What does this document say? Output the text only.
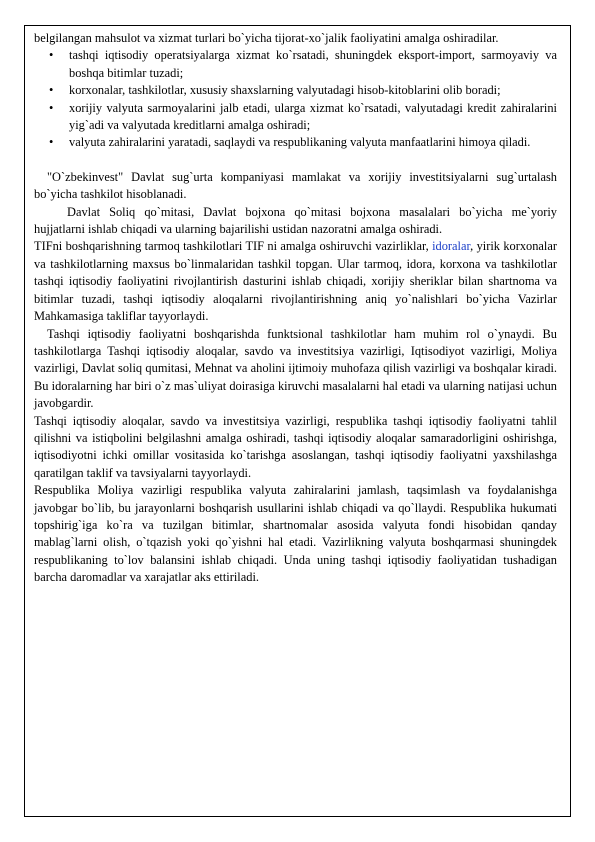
belgilangan mahsulot va xizmat turlari bo`yicha tijorat-xo`jalik faoliyatini amalga oshiradilar.

• tashqi iqtisodiy operatsiyalarga xizmat ko`rsatadi, shuningdek eksport-import, sarmoyaviy va boshqa bitimlar tuzadi;
• korxonalar, tashkilotlar, xususiy shaxslarning valyutadagi hisob-kitoblarini olib boradi;
• xorijiy valyuta sarmoyalarini jalb etadi, ularga xizmat ko`rsatadi, valyutadagi kredit zahiralarini yig`adi va valyutada kreditlarni amalga oshiradi;
• valyuta zahiralarini yaratadi, saqlaydi va respublikaning valyuta manfaatlarini himoya qiladi.

"O`zbekinvest" Davlat sug`urta kompaniyasi mamlakat va xorijiy investitsiyalarni sug`urtalash bo`yicha tashkilot hisoblanadi.

Davlat Soliq qo`mitasi, Davlat bojxona qo`mitasi bojxona masalalari bo`yicha me`yoriy hujjatlarni ishlab chiqadi va ularning bajarilishi ustidan nazoratni amalga oshiradi.

TIFni boshqarishning tarmoq tashkilotlari TIF ni amalga oshiruvchi vazirliklar, idoralar, yirik korxonalar va tashkilotlarning maxsus bo`linmalaridan tashkil topgan. Ular tarmoq, idora, korxona va tashkilotlar tashqi iqtisodiy faoliyatini rivojlantirish dasturini ishlab chiqadi, xorijiy sheriklar bilan shartnoma va bitimlar tuzadi, tashqi iqtisodiy aloqalarni rivojlantirishning aniq yo`nalishlari bo`yicha Vazirlar Mahkamasiga takliflar tayyorlaydi.

Tashqi iqtisodiy faoliyatni boshqarishda funktsional tashkilotlar ham muhim rol o`ynaydi. Bu tashkilotlarga Tashqi iqtisodiy aloqalar, savdo va investitsiya vazirligi, Iqtisodiyot vazirligi, Moliya vazirligi, Davlat soliq qumitasi, Mehnat va aholini ijtimoiy muhofaza qilish vazirligi va boshqalar kiradi. Bu idoralarning har biri o`z mas`uliyat doirasiga kiruvchi masalalarni hal etadi va ularning natijasi uchun javobgardir.

Tashqi iqtisodiy aloqalar, savdo va investitsiya vazirligi, respublika tashqi iqtisodiy faoliyatni tahlil qilishni va istiqbolini belgilashni amalga oshiradi, tashqi iqtisodiy aloqalar samaradorligini oshirishga, iqtisodiyotni ichki omillar vositasida ko`tarishga asoslangan, tashqi iqtisodiy faoliyatni yaxshilashga qaratilgan taklif va tavsiyalarni tayyorlaydi.

Respublika Moliya vazirligi respublika valyuta zahiralarini jamlash, taqsimlash va foydalanishga javobgar bo`lib, bu jarayonlarni boshqarish usullarini ishlab chiqadi va qo`llaydi. Respublika hukumati topshirig`iga ko`ra va tuzilgan bitimlar, shartnomalar asosida valyuta fondi hisobidan qanday mablag`larni olish, o`tqazish yoki qo`yishni hal etadi. Vazirlikning valyuta boshqarmasi shuningdek respublikaning to`lov balansini ishlab chiqadi. Unda uning tashqi iqtisodiy faoliyatidan tushadigan barcha daromadlar va xarajatlar aks ettiriladi.
